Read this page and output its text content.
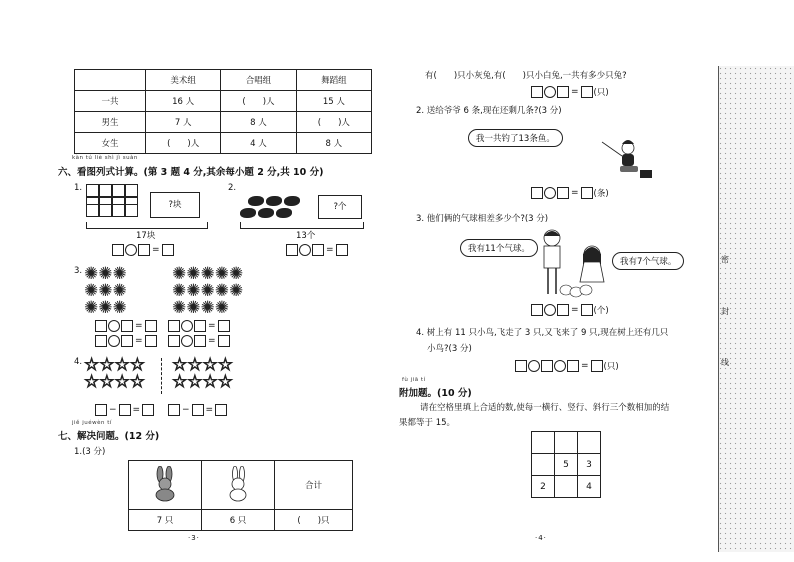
密
封
线
	美术组	合唱组	舞蹈组
一共	16 人	(　　)人	15 人
男生	7 人	8 人	(　　)人
女生	(　　)人	4 人	8 人
kàn tú liè shì jì suàn
六、看图列式计算。(第 3 题 4 分,其余每小题 2 分,共 10 分)
1.
?块
17块
=
2.
?个
13个
=
3. ✺✺✺
✺✺✺
✺✺✺
✺✺✺✺✺
✺✺✺✺✺
✺✺✺✺
=	=
=	=
4. ☆☆☆☆
☆☆☆☆
☆☆☆☆
☆☆☆☆
− =	− =
jiě juéwèn tí
七、解决问题。(12 分)
1.(3 分)
		合计
7 只	6 只	(　　)只
·3·
有(　　)只小灰兔,有(　　)只小白兔,一共有多少只兔?
= (只)
2. 送给爷爷 6 条,现在还剩几条?(3 分)
我一共钓了13条鱼。
= (条)
3. 他们俩的气球相差多少个?(3 分)
我有11个气球。
我有7个气球。
= (个)
4. 树上有 11 只小鸟,飞走了 3 只,又飞来了 9 只,现在树上还有几只
小鸟?(3 分)
= (只)
fù jiā tí
附加题。(10 分)
请在空格里填上合适的数,使每一横行、竖行、斜行三个数相加的结
果都等于 15。

	5	3
2		4
·4·
